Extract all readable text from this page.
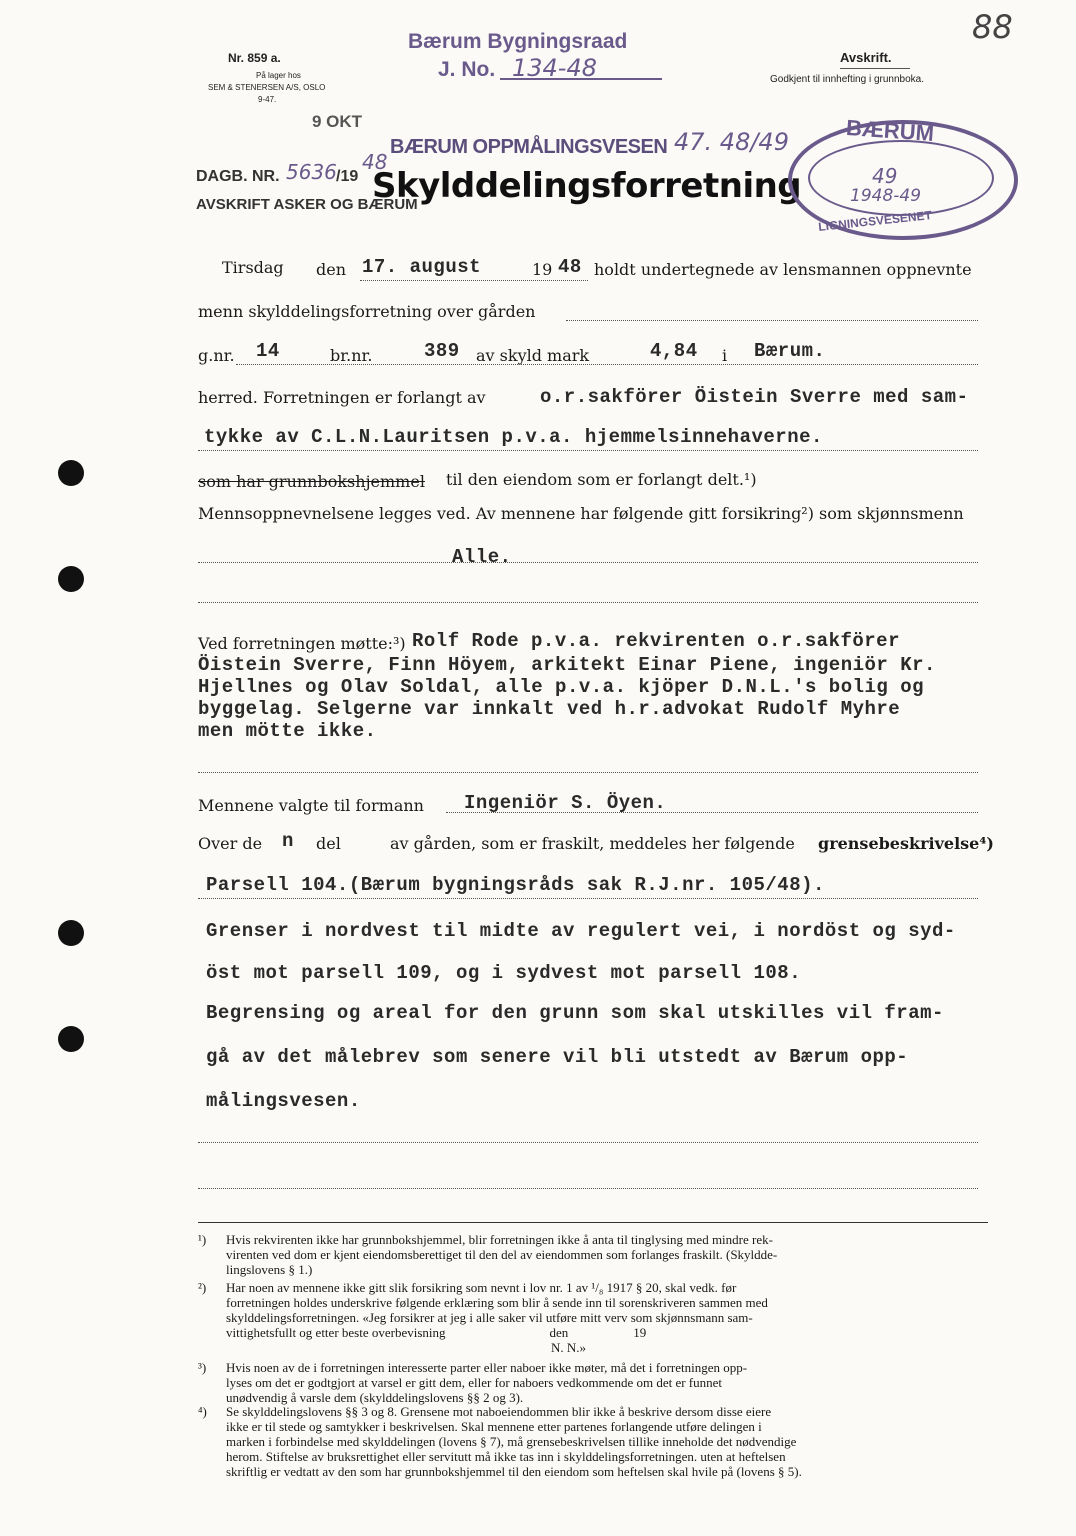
88
Nr. 859 a.
På lager hos
SEM & STENERSEN A/S, OSLO
9-47.
9 OKT
Bærum Bygningsraad
J. No. 134-48	Avskrift.
Godkjent til innhefting i grunnboka.
BÆRUM OPPMÅLINGSVESEN 47. 48/49
DAGB. NR. 5636 /19
48
AVSKRIFT ASKER OG BÆRUM
Skylddelingsforretning
BÆRUM
49
1948-49
LIGNINGSVESENET
Tirsdag den 17. august	19 48 holdt undertegnede av lensmannen oppnevnte
menn skylddelingsforretning over gården
g.nr. 14	br.nr.	389 av skyld mark	4,84 i Bærum.
herred. Forretningen er forlangt av	o.r.sakförer Öistein Sverre med sam-
tykke av C.L.N.Lauritsen p.v.a. hjemmelsinnehaverne.
som har grunnbokshjemmel til den eiendom som er forlangt delt.¹)
Mennsoppnevnelsene legges ved. Av mennene har følgende gitt forsikring²) som skjønnsmenn
Alle.
Ved forretningen møtte:³) Rolf Rode p.v.a. rekvirenten o.r.sakförer
Öistein Sverre, Finn Höyem, arkitekt Einar Piene, ingeniör Kr.
Hjellnes og Olav Soldal, alle p.v.a. kjöper D.N.L.'s bolig og
byggelag. Selgerne var innkalt ved h.r.advokat Rudolf Myhre
men mötte ikke.
Mennene valgte til formann Ingeniör S. Öyen.
Over de n del	av gården, som er fraskilt, meddeles her følgende grensebeskrivelse⁴)
Parsell 104.(Bærum bygningsråds sak R.J.nr. 105/48).
Grenser i nordvest til midte av regulert vei, i nordöst og syd-
öst mot parsell 109, og i sydvest mot parsell 108.
Begrensing og areal for den grunn som skal utskilles vil fram-
gå av det målebrev som senere vil bli utstedt av Bærum opp-
målingsvesen.
¹) Hvis rekvirenten ikke har grunnbokshjemmel, blir forretningen ikke å anta til tinglysing med mindre rek-
virenten ved dom er kjent eiendomsberettiget til den del av eiendommen som forlanges fraskilt. (Skyldde-
lingslovens § 1.)
²) Har noen av mennene ikke gitt slik forsikring som nevnt i lov nr. 1 av ¹/₈ 1917 § 20, skal vedk. før
forretningen holdes underskrive følgende erklæring som blir å sende inn til sorenskriveren sammen med
skylddelingsforretningen. «Jeg forsikrer at jeg i alle saker vil utføre mitt verv som skjønnsmann sam-
vittighetsfullt og etter beste overbevisning                                den                    19
N. N.»
³) Hvis noen av de i forretningen interesserte parter eller naboer ikke møter, må det i forretningen opp-
lyses om det er godtgjort at varsel er gitt dem, eller for naboers vedkommende om det er funnet
unødvendig å varsle dem (skylddelingslovens §§ 2 og 3).
⁴) Se skylddelingslovens §§ 3 og 8. Grensene mot naboeiendommen blir ikke å beskrive dersom disse eiere
ikke er til stede og samtykker i beskrivelsen. Skal mennene etter partenes forlangende utføre delingen i
marken i forbindelse med skylddelingen (lovens § 7), må grensebeskrivelsen tillike inneholde det nødvendige
herom. Stiftelse av bruksrettighet eller servitutt må ikke tas inn i skylddelingsforretningen. uten at heftelsen
skriftlig er vedtatt av den som har grunnbokshjemmel til den eiendom som heftelsen skal hvile på (lovens § 5).
